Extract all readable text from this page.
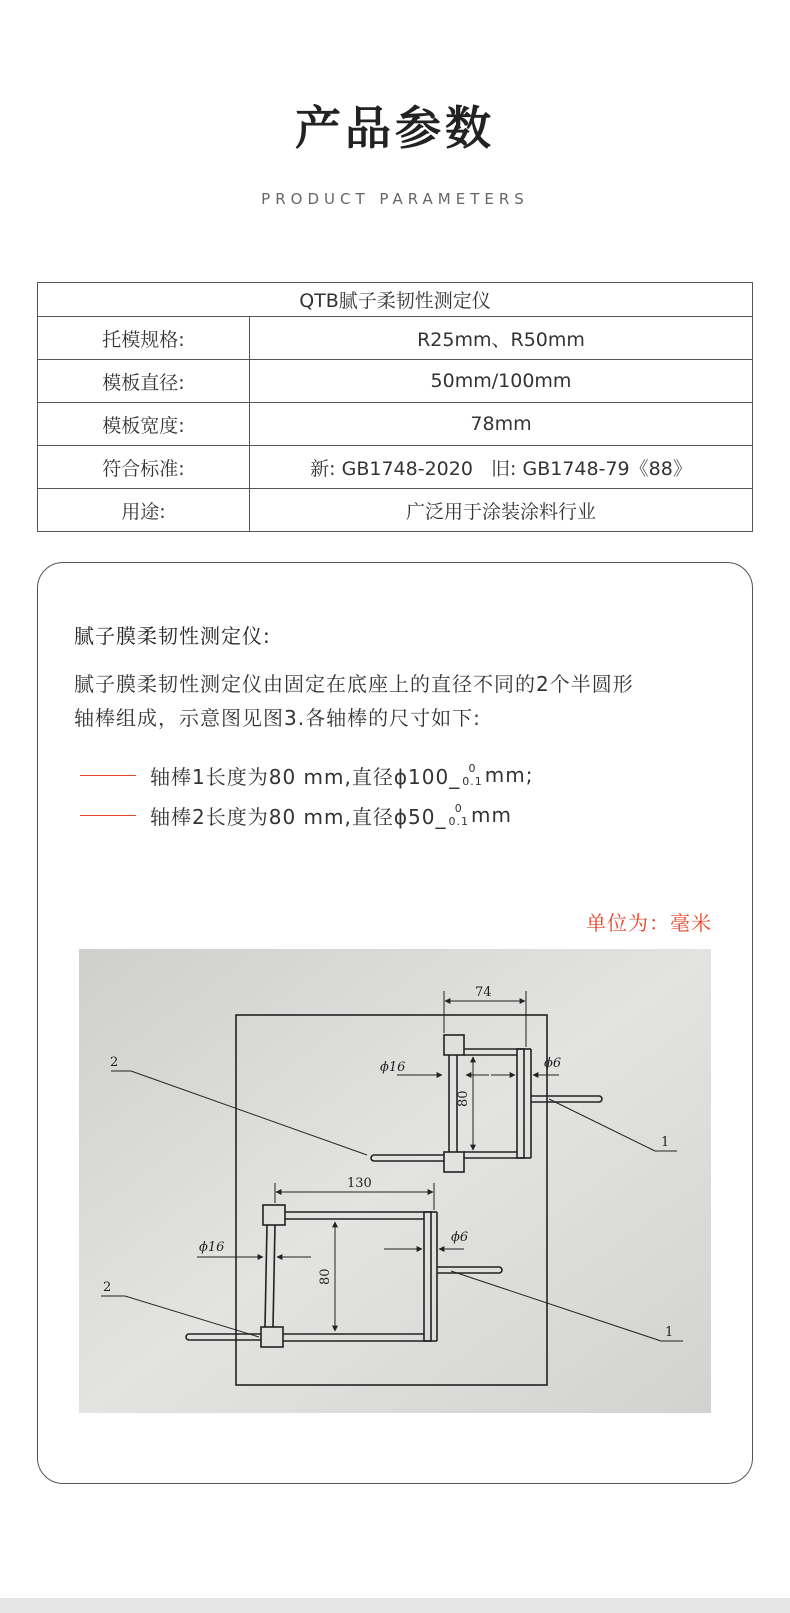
产品参数
PRODUCT PARAMETERS
QTB腻子柔韧性测定仪	
托模规格:	R25mm、R50mm
模板直径:	50mm/100mm
模板宽度:	78mm
符合标准:	新: GB1748-2020   旧: GB1748-79《88》
用途:	广泛用于涂装涂料行业
腻子膜柔韧性测定仪:
腻子膜柔韧性测定仪由固定在底座上的直径不同的2个半圆形
轴棒组成，示意图见图3.各轴棒的尺寸如下:
轴棒1长度为80 mm,直径ϕ100_ 0
0.1 mm;
轴棒2长度为80 mm,直径ϕ50_ 0
0.1 mm
单位为：毫米
74
130
ϕ16	ϕ6
ϕ16
ϕ6
80
80
2
1
2
1
